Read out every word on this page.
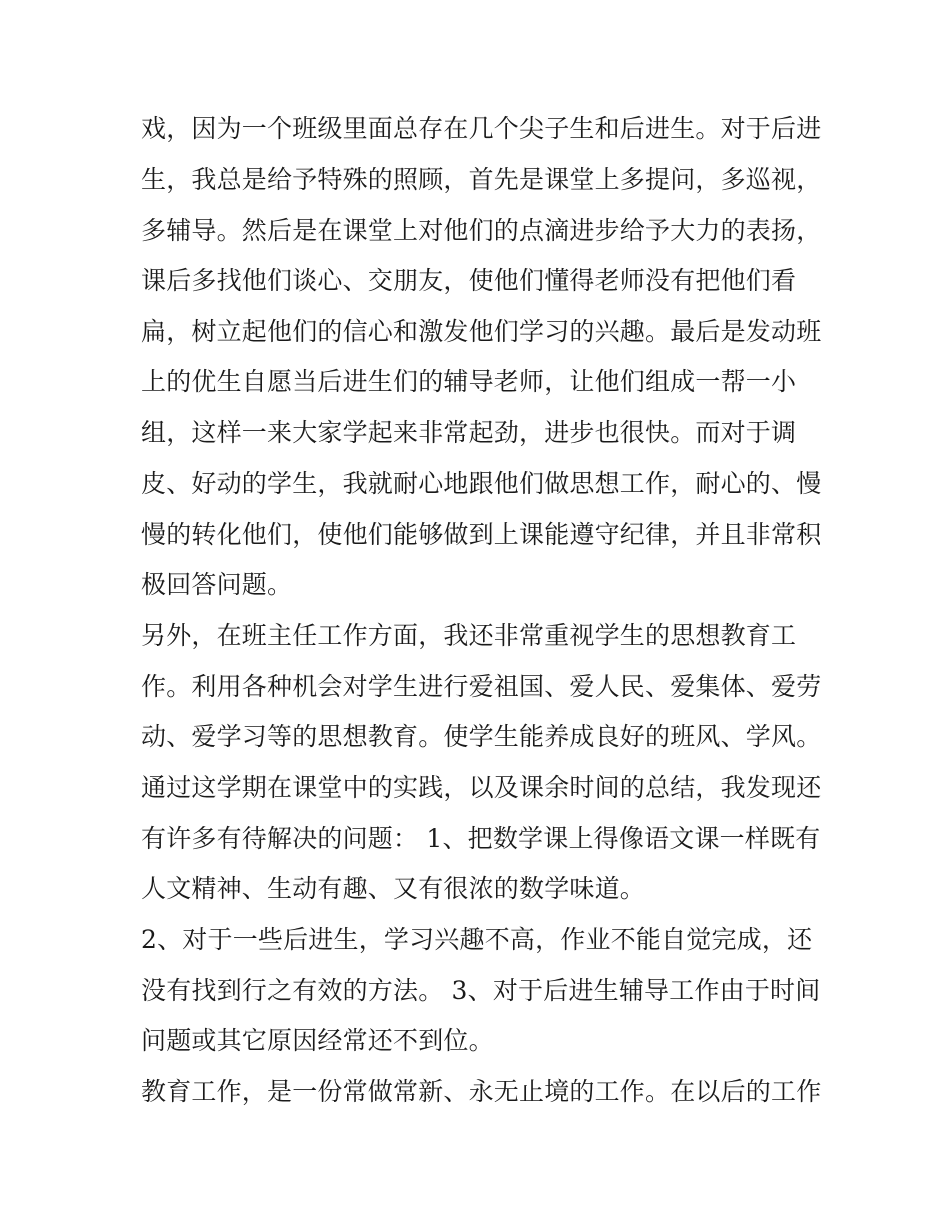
戏，因为一个班级里面总存在几个尖子生和后进生。对于后进
生，我总是给予特殊的照顾，首先是课堂上多提问，多巡视，
多辅导。然后是在课堂上对他们的点滴进步给予大力的表扬，
课后多找他们谈心、交朋友，使他们懂得老师没有把他们看
扁，树立起他们的信心和激发他们学习的兴趣。最后是发动班
上的优生自愿当后进生们的辅导老师，让他们组成一帮一小
组，这样一来大家学起来非常起劲，进步也很快。而对于调
皮、好动的学生，我就耐心地跟他们做思想工作，耐心的、慢
慢的转化他们，使他们能够做到上课能遵守纪律，并且非常积
极回答问题。
另外，在班主任工作方面，我还非常重视学生的思想教育工
作。利用各种机会对学生进行爱祖国、爱人民、爱集体、爱劳
动、爱学习等的思想教育。使学生能养成良好的班风、学风。
通过这学期在课堂中的实践，以及课余时间的总结，我发现还
有许多有待解决的问题： 1、把数学课上得像语文课一样既有
人文精神、生动有趣、又有很浓的数学味道。
2、对于一些后进生，学习兴趣不高，作业不能自觉完成，还
没有找到行之有效的方法。 3、对于后进生辅导工作由于时间
问题或其它原因经常还不到位。
教育工作，是一份常做常新、永无止境的工作。在以后的工作
